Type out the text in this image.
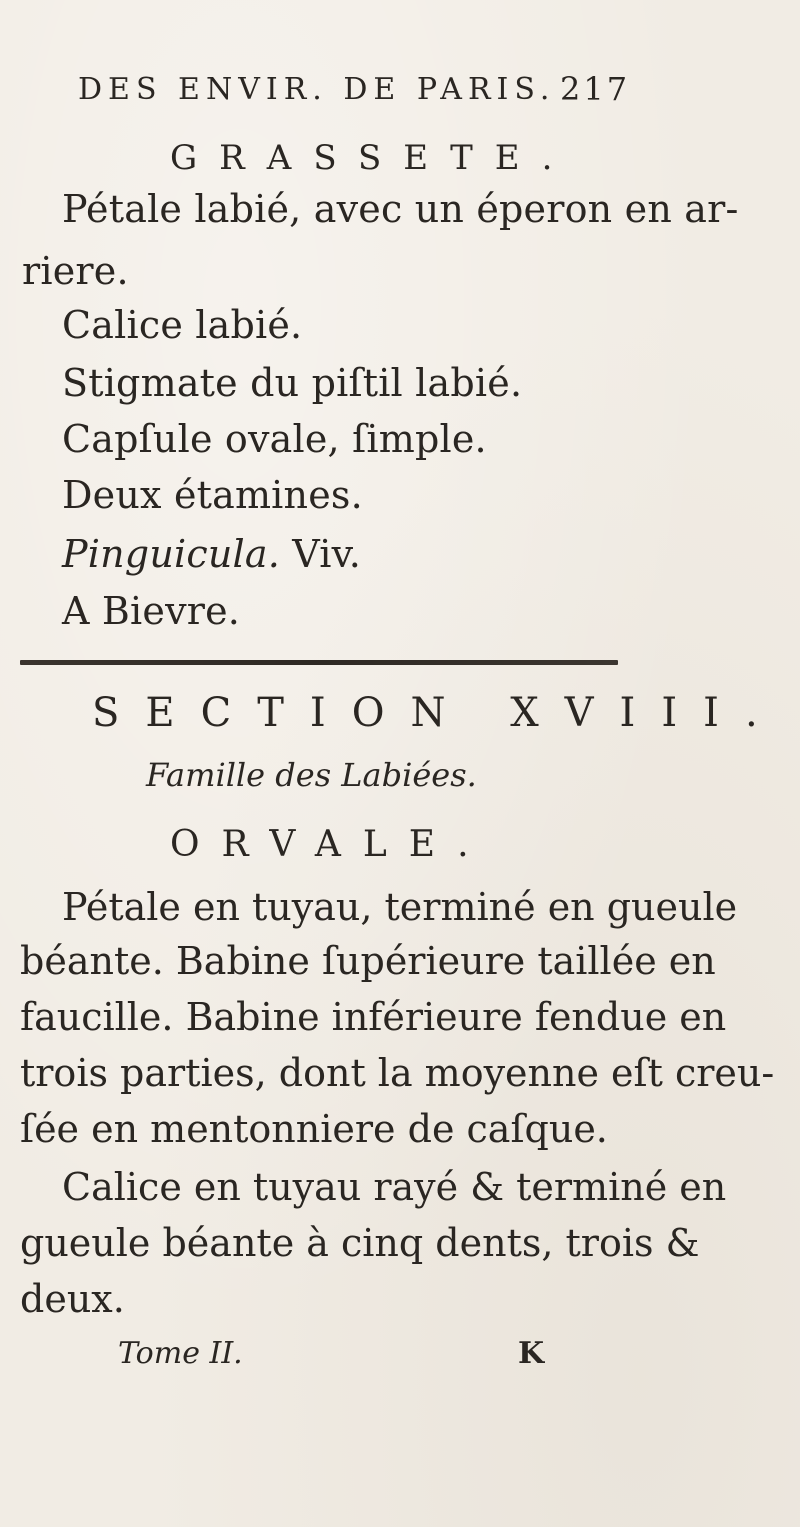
DES ENVIR. DE PARIS. 217
GRASSETE.
Pétale labié, avec un éperon en ar-
riere.
Calice labié.
Stigmate du piſtil labié.
Capſule ovale, ſimple.
Deux étamines.
Pinguicula. Viv.
A Bievre.
SECTION XVIII.
Famille des Labiées.
ORVALE.
Pétale en tuyau, terminé en gueule
béante. Babine ſupérieure taillée en
faucille. Babine inférieure fendue en
trois parties, dont la moyenne eſt creu-
ſée en mentonniere de caſque.
Calice en tuyau rayé & terminé en
gueule béante à cinq dents, trois &
deux.
Tome II.	K
